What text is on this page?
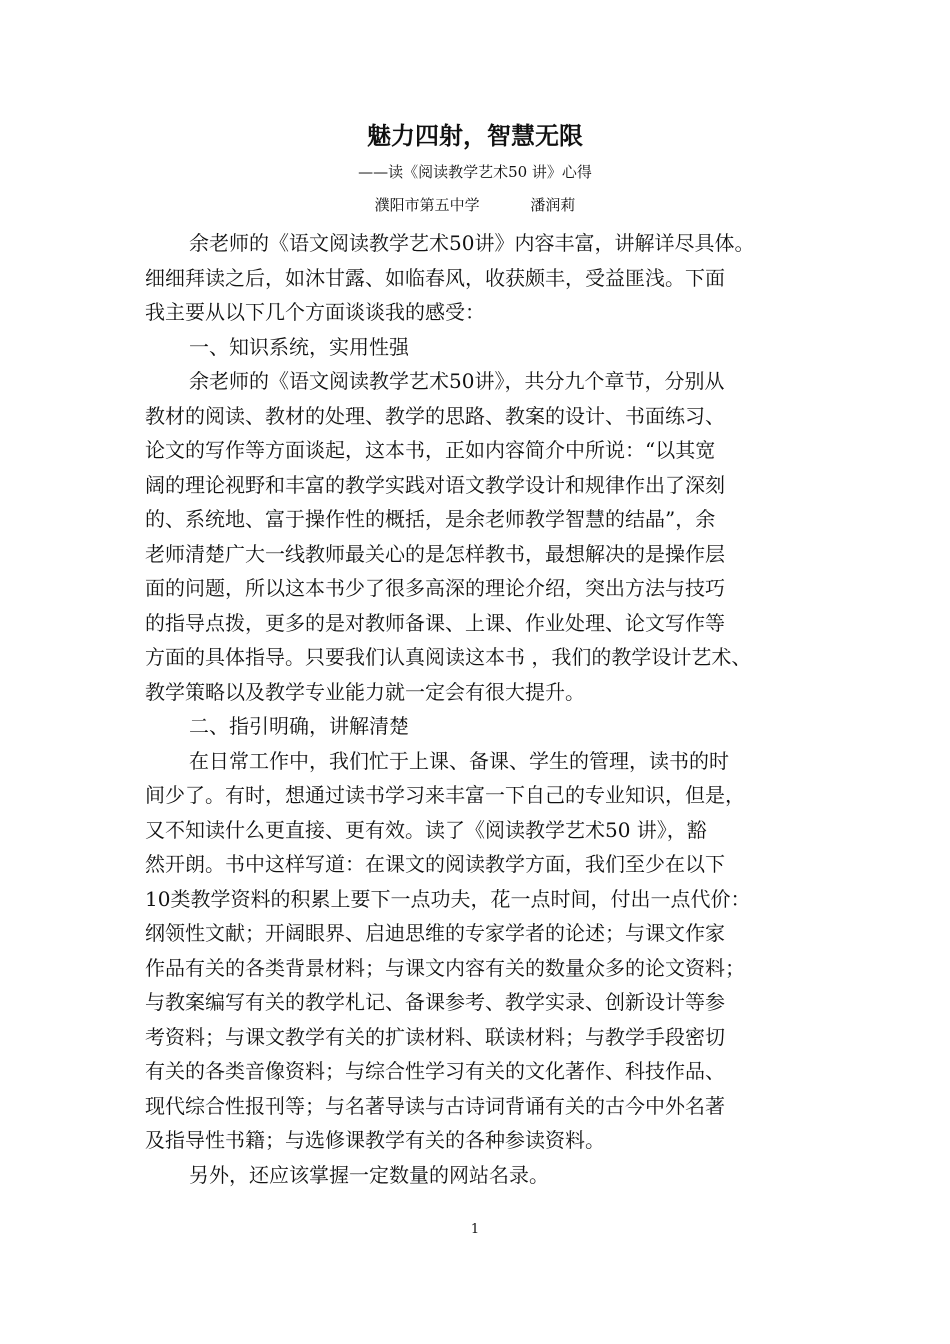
魅力四射，智慧无限
——读《阅读教学艺术50 讲》心得
濮阳市第五中学	潘润莉
余老师的《语文阅读教学艺术50讲》内容丰富，讲解详尽具体。
细细拜读之后，如沐甘露、如临春风，收获颇丰，受益匪浅。下面
我主要从以下几个方面谈谈我的感受：
一、知识系统，实用性强
余老师的《语文阅读教学艺术50讲》，共分九个章节，分别从
教材的阅读、教材的处理、教学的思路、教案的设计、书面练习、
论文的写作等方面谈起，这本书，正如内容简介中所说：“以其宽
阔的理论视野和丰富的教学实践对语文教学设计和规律作出了深刻
的、系统地、富于操作性的概括，是余老师教学智慧的结晶”，余
老师清楚广大一线教师最关心的是怎样教书，最想解决的是操作层
面的问题，所以这本书少了很多高深的理论介绍，突出方法与技巧
的指导点拨，更多的是对教师备课、上课、作业处理、论文写作等
方面的具体指导。只要我们认真阅读这本书 ，我们的教学设计艺术、
教学策略以及教学专业能力就一定会有很大提升。
二、指引明确，讲解清楚
在日常工作中，我们忙于上课、备课、学生的管理，读书的时
间少了。有时，想通过读书学习来丰富一下自己的专业知识，但是，
又不知读什么更直接、更有效。读了《阅读教学艺术50 讲》，豁
然开朗。书中这样写道：在课文的阅读教学方面，我们至少在以下
10类教学资料的积累上要下一点功夫，花一点时间，付出一点代价：
纲领性文献；开阔眼界、启迪思维的专家学者的论述；与课文作家
作品有关的各类背景材料；与课文内容有关的数量众多的论文资料；
与教案编写有关的教学札记、备课参考、教学实录、创新设计等参
考资料；与课文教学有关的扩读材料、联读材料；与教学手段密切
有关的各类音像资料；与综合性学习有关的文化著作、科技作品、
现代综合性报刊等；与名著导读与古诗词背诵有关的古今中外名著
及指导性书籍；与选修课教学有关的各种参读资料。
另外，还应该掌握一定数量的网站名录。
1
